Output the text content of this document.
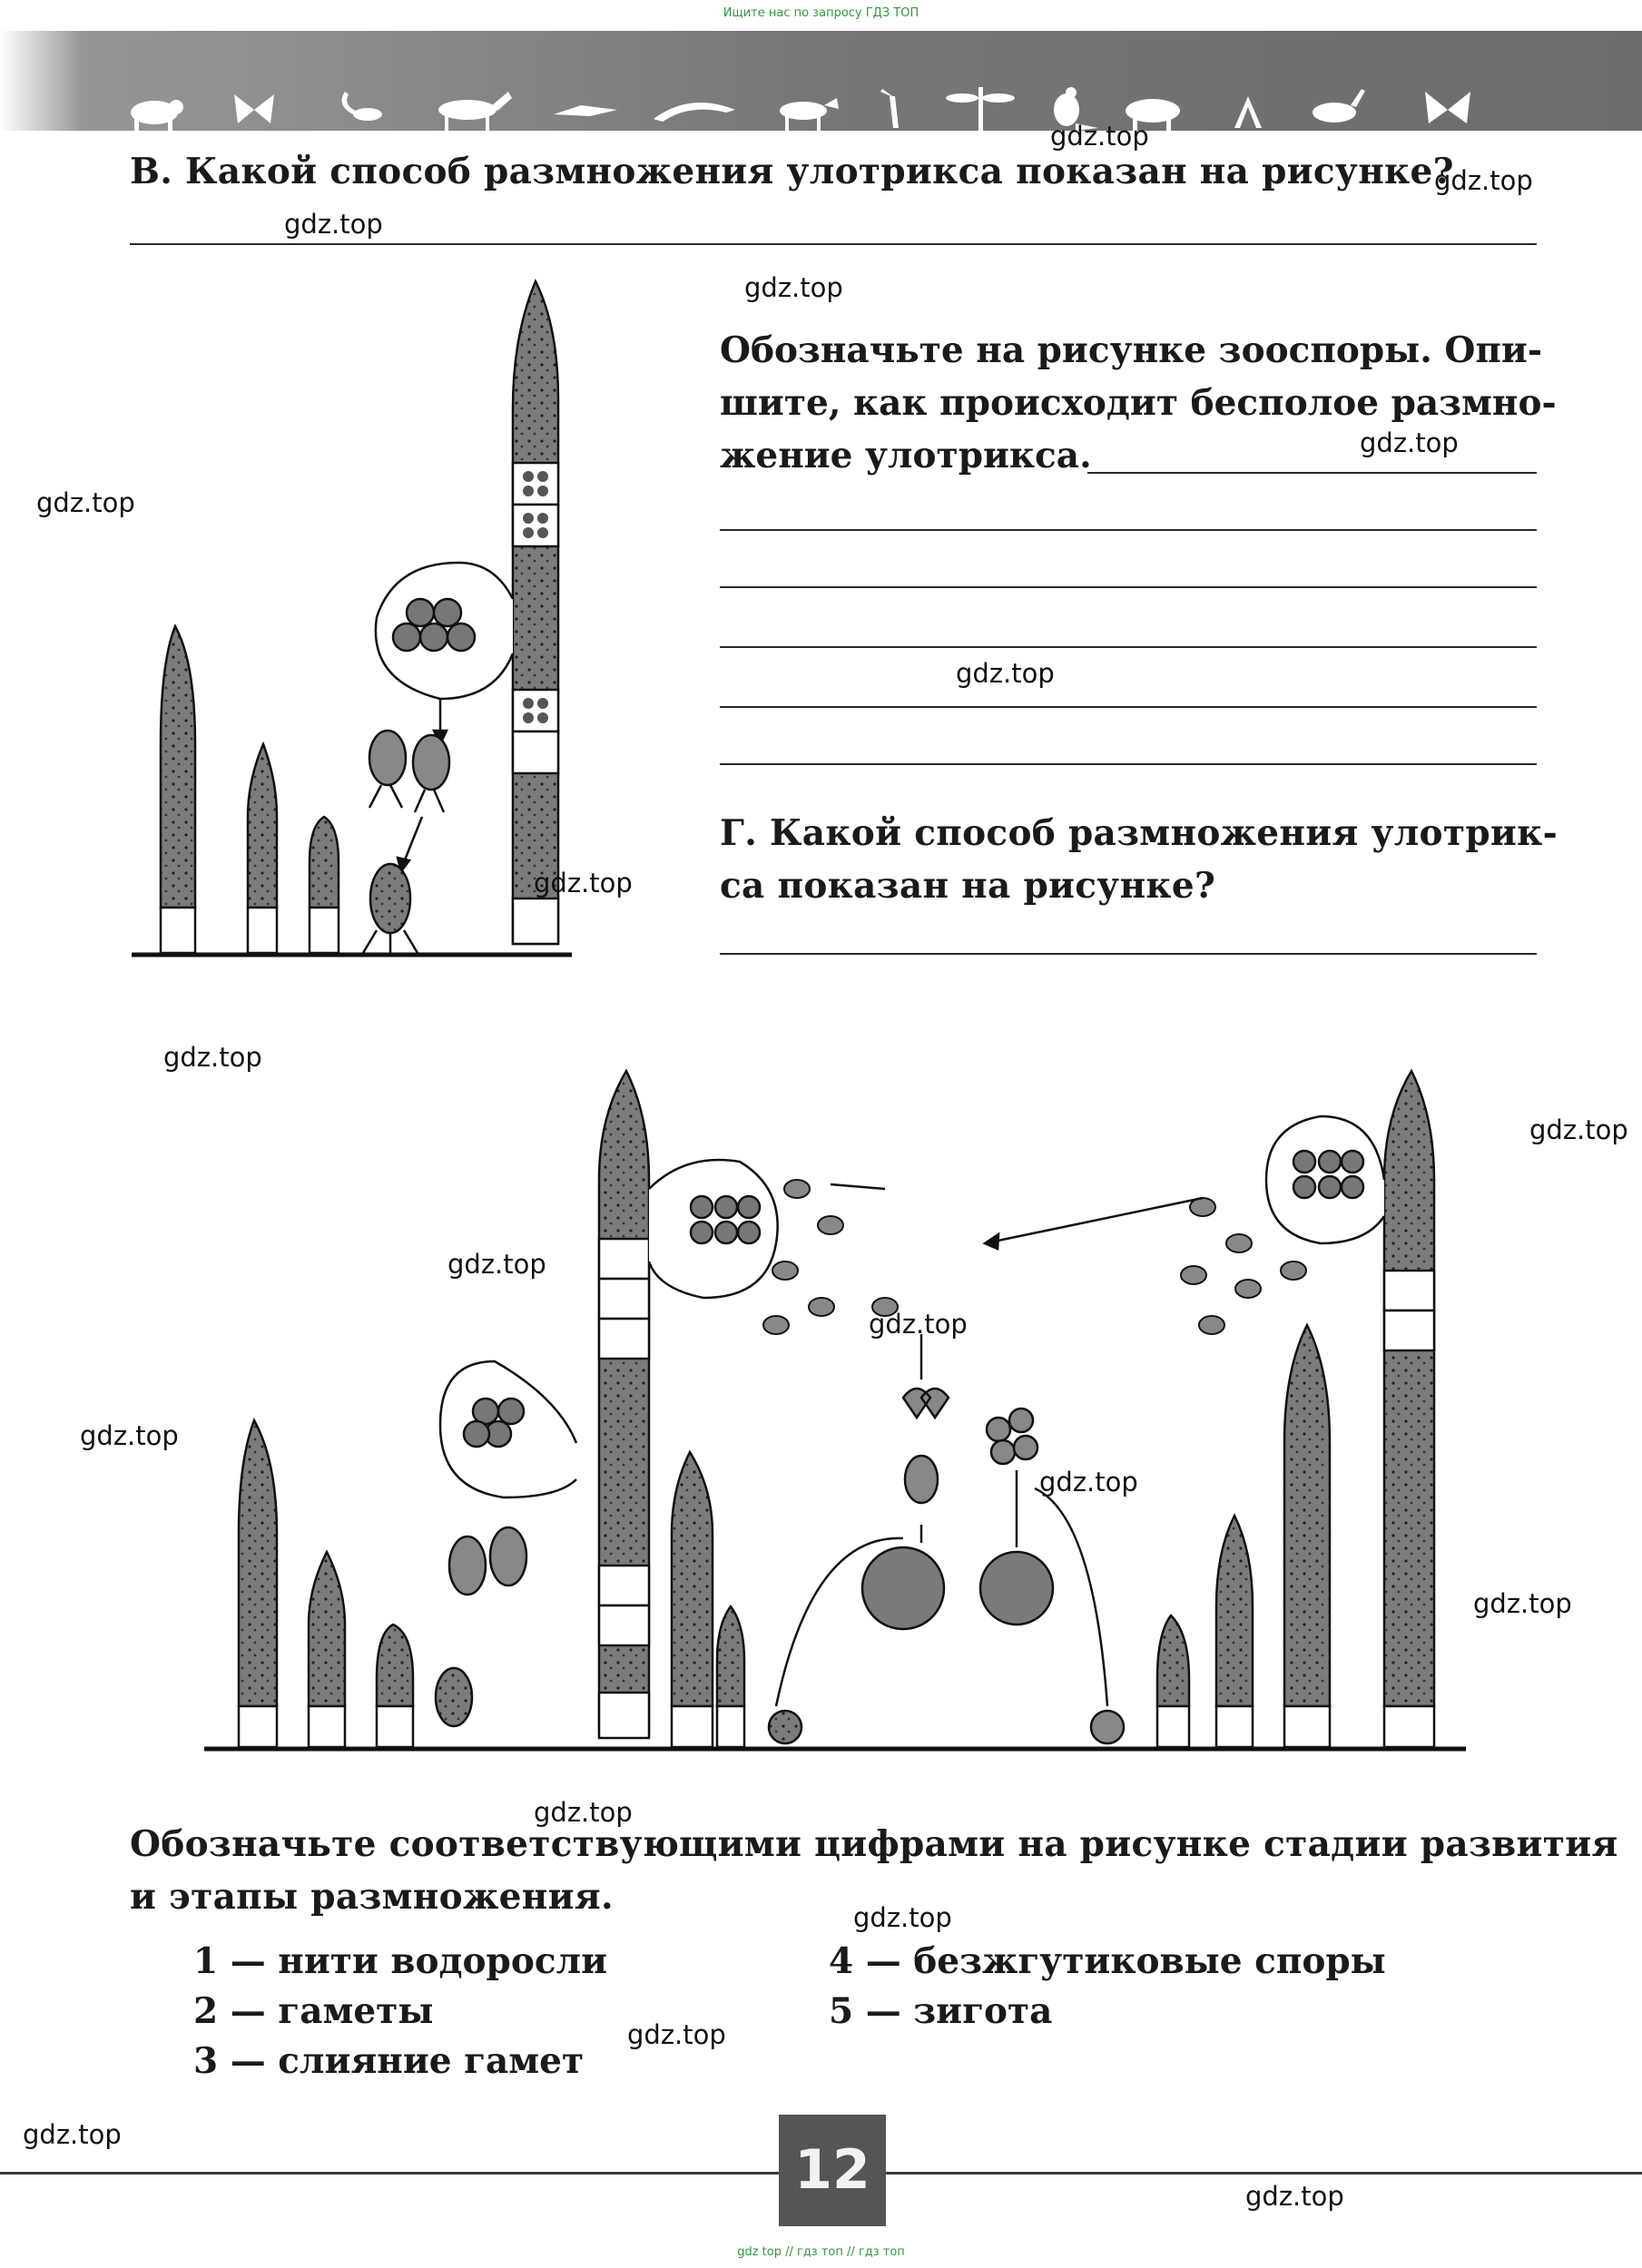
Ищите нас по запросу ГДЗ ТОП
В. Какой способ размножения улотрикса показан на рисунке?
Обозначьте на рисунке зооспоры. Опи-
шите, как происходит бесполое размно-
жение улотрикса.
Г. Какой способ размножения улотрик-
са показан на рисунке?
Обозначьте соответствующими цифрами на рисунке стадии развития
и этапы размножения.
1 — нити водоросли
2 — гаметы
3 — слияние гамет
4 — безжгутиковые споры
5 — зигота
gdz.top
gdz.top
gdz.top
gdz.top
gdz.top
gdz.top
gdz.top
gdz.top
gdz.top
gdz.top
gdz.top
gdz.top
gdz.top
gdz.top
gdz.top
gdz.top
gdz.top
gdz.top
gdz.top
gdz.top
12
gdz top // гдз топ // гдз топ
